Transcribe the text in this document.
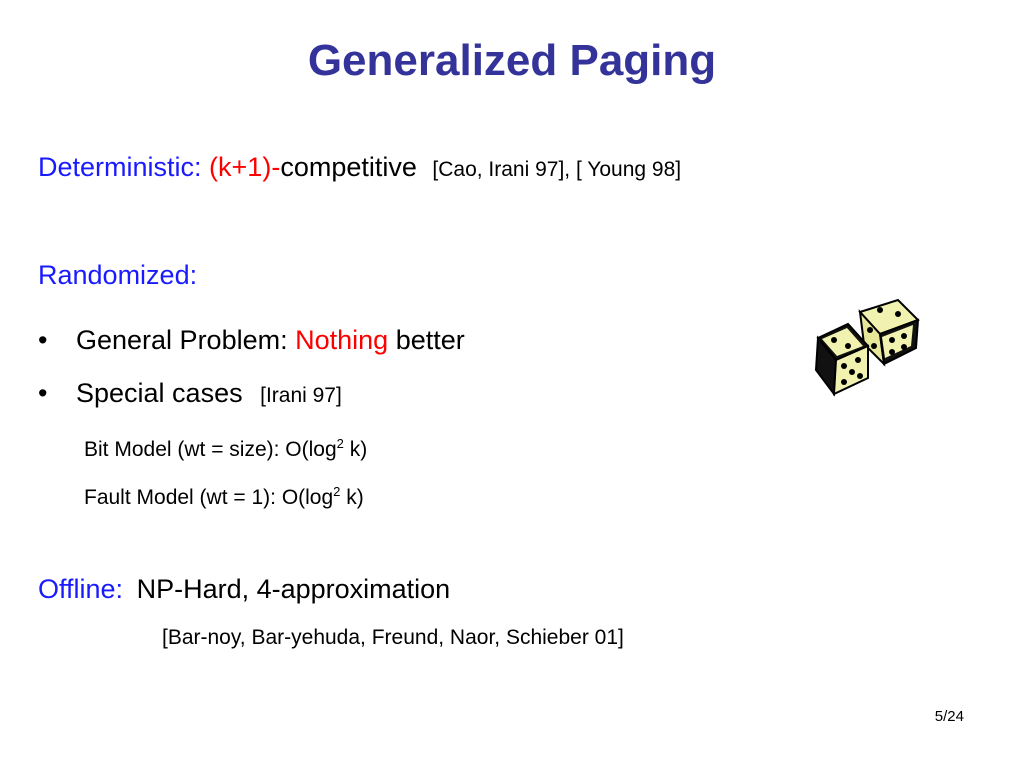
Generalized Paging
Deterministic: (k+1)-competitive [Cao, Irani 97], [ Young 98]
Randomized:
• General Problem: Nothing better
• Special cases [Irani 97]
Bit Model (wt = size): $O(\log^2$ k)
Fault Model (wt = 1): $O(\log^2$ k)
Offline: NP-Hard, 4-approximation
[Bar-noy, Bar-yehuda, Freund, Naor, Schieber 01]
5/24
